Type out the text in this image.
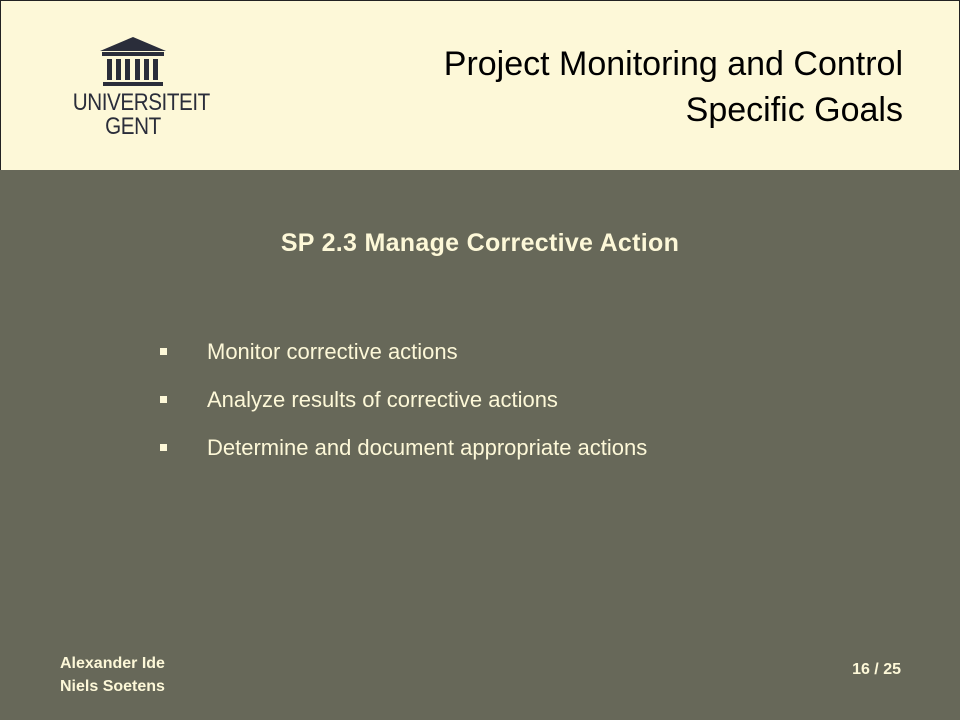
UNIVERSITEIT
GENT
Project Monitoring and Control
Specific Goals
SP 2.3 Manage Corrective Action
Monitor corrective actions
Analyze results of corrective actions
Determine and document appropriate actions
Alexander Ide
Niels Soetens
16 / 25
